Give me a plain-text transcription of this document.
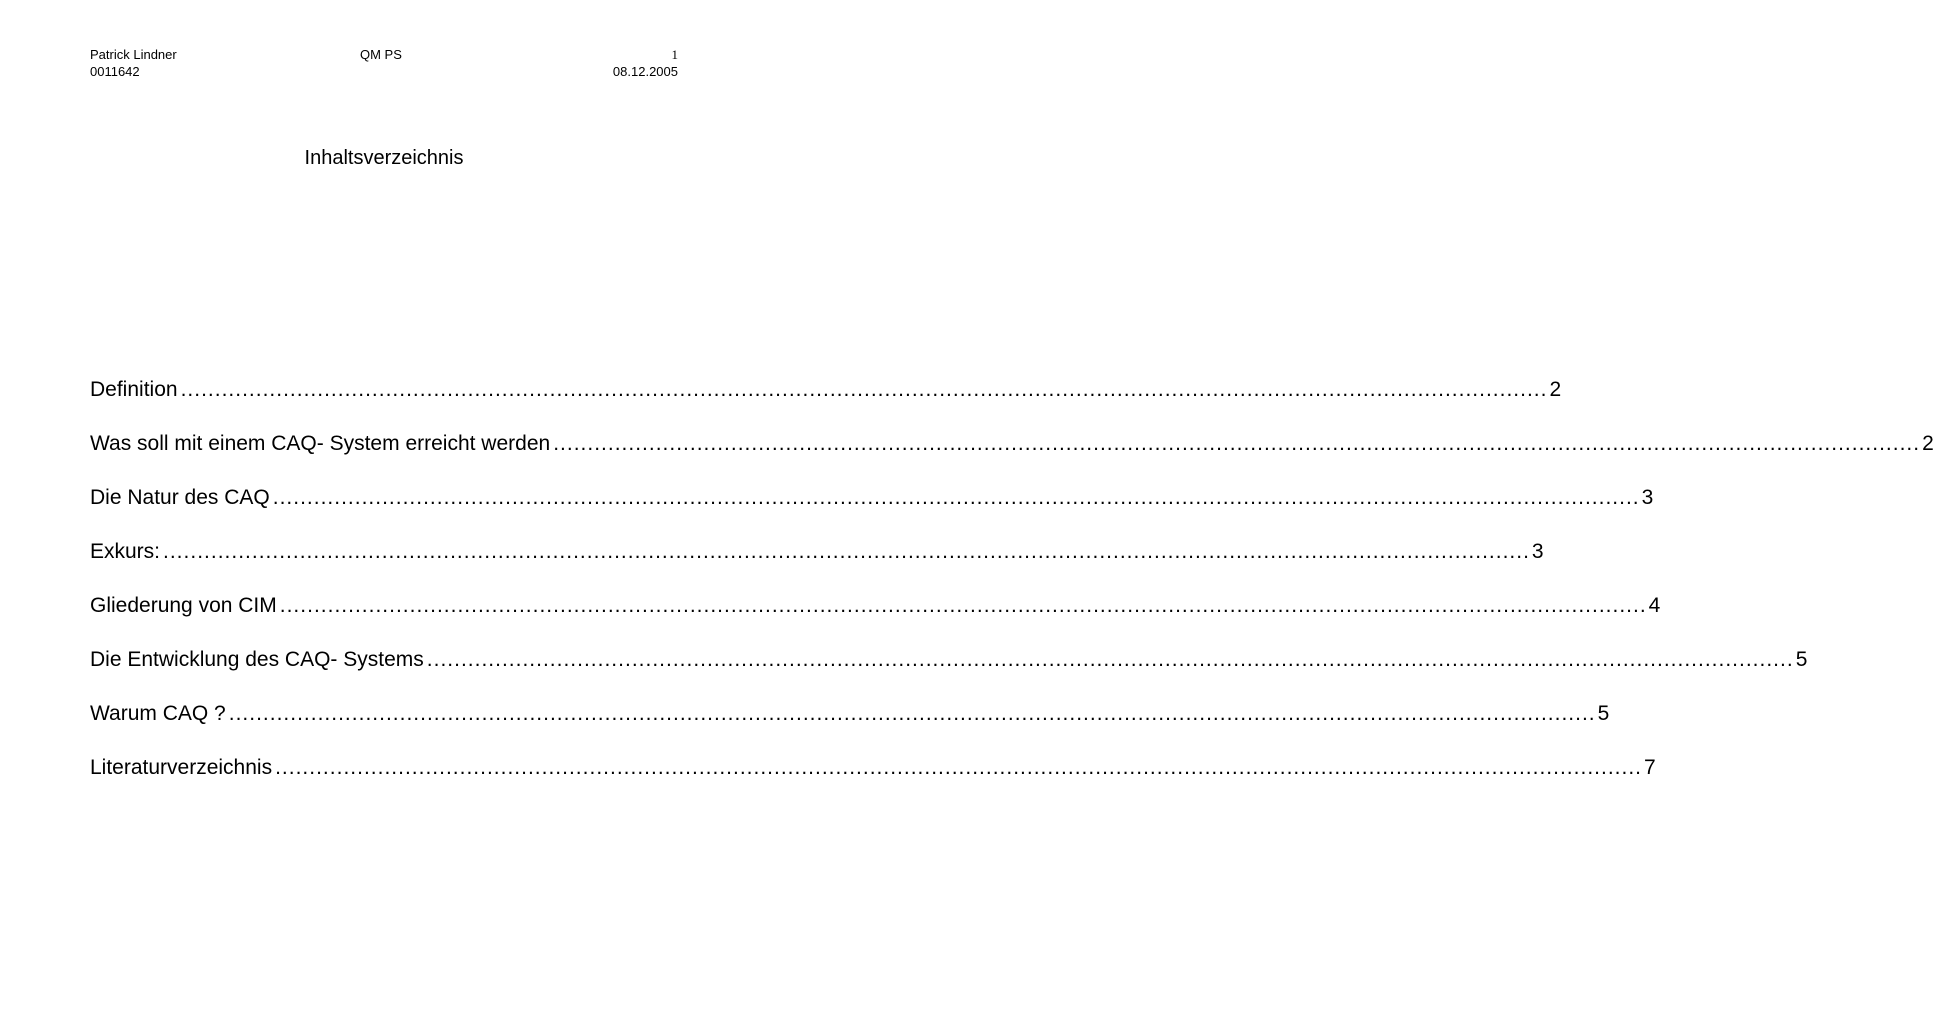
Patrick Lindner
0011642
QM PS	1
08.12.2005
Inhaltsverzeichnis
Definition ........................................................................................................................................................................................................ 2
Was soll mit einem CAQ- System erreicht werden ........................................................................................................................................................................................................ 2
Die Natur des CAQ ........................................................................................................................................................................................................ 3
Exkurs: ........................................................................................................................................................................................................ 3
Gliederung von CIM ........................................................................................................................................................................................................ 4
Die Entwicklung des CAQ- Systems ........................................................................................................................................................................................................ 5
Warum CAQ ? ........................................................................................................................................................................................................ 5
Literaturverzeichnis ........................................................................................................................................................................................................ 7
